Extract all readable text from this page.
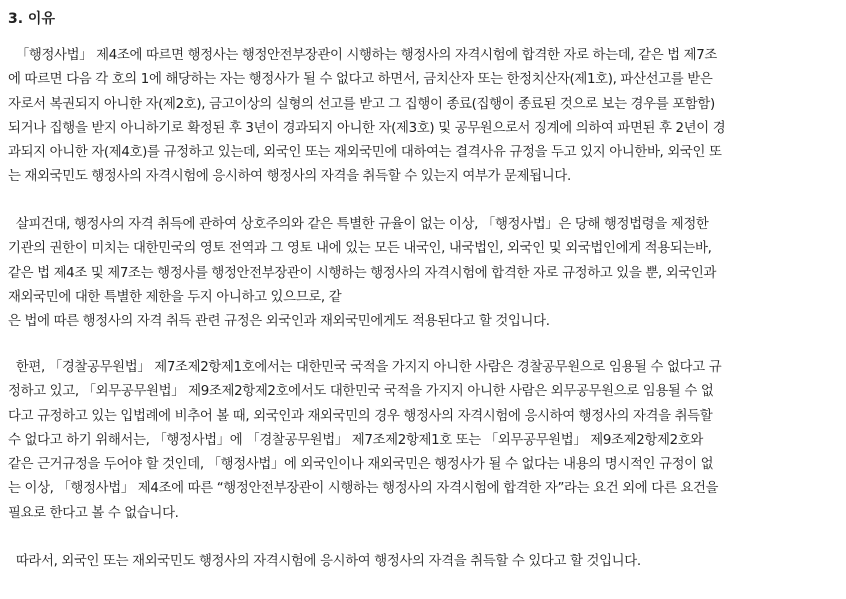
3. 이유

「행정사법」 제4조에 따르면 행정사는 행정안전부장관이 시행하는 행정사의 자격시험에 합격한 자로 하는데, 같은 법 제7조
에 따르면 다음 각 호의 1에 해당하는 자는 행정사가 될 수 없다고 하면서, 금치산자 또는 한정치산자(제1호), 파산선고를 받은
자로서 복권되지 아니한 자(제2호), 금고이상의 실형의 선고를 받고 그 집행이 종료(집행이 종료된 것으로 보는 경우를 포함함)
되거나 집행을 받지 아니하기로 확정된 후 3년이 경과되지 아니한 자(제3호) 및 공무원으로서 징계에 의하여 파면된 후 2년이 경
과되지 아니한 자(제4호)를 규정하고 있는데, 외국인 또는 재외국민에 대하여는 결격사유 규정을 두고 있지 아니한바, 외국인 또
는 재외국민도 행정사의 자격시험에 응시하여 행정사의 자격을 취득할 수 있는지 여부가 문제됩니다.

살피건대, 행정사의 자격 취득에 관하여 상호주의와 같은 특별한 규율이 없는 이상, 「행정사법」은 당해 행정법령을 제정한
기관의 권한이 미치는 대한민국의 영토 전역과 그 영토 내에 있는 모든 내국인, 내국법인, 외국인 및 외국법인에게 적용되는바,
같은 법 제4조 및 제7조는 행정사를 행정안전부장관이 시행하는 행정사의 자격시험에 합격한 자로 규정하고 있을 뿐, 외국인과
재외국민에 대한 특별한 제한을 두지 아니하고 있으므로, 같
은 법에 따른 행정사의 자격 취득 관련 규정은 외국인과 재외국민에게도 적용된다고 할 것입니다.

한편, 「경찰공무원법」 제7조제2항제1호에서는 대한민국 국적을 가지지 아니한 사람은 경찰공무원으로 임용될 수 없다고 규
정하고 있고, 「외무공무원법」 제9조제2항제2호에서도 대한민국 국적을 가지지 아니한 사람은 외무공무원으로 임용될 수 없
다고 규정하고 있는 입법례에 비추어 볼 때, 외국인과 재외국민의 경우 행정사의 자격시험에 응시하여 행정사의 자격을 취득할
수 없다고 하기 위해서는, 「행정사법」에 「경찰공무원법」 제7조제2항제1호 또는 「외무공무원법」 제9조제2항제2호와
같은 근거규정을 두어야 할 것인데, 「행정사법」에 외국인이나 재외국민은 행정사가 될 수 없다는 내용의 명시적인 규정이 없
는 이상, 「행정사법」 제4조에 따른 “행정안전부장관이 시행하는 행정사의 자격시험에 합격한 자”라는 요건 외에 다른 요건을
필요로 한다고 볼 수 없습니다.

따라서, 외국인 또는 재외국민도 행정사의 자격시험에 응시하여 행정사의 자격을 취득할 수 있다고 할 것입니다.
